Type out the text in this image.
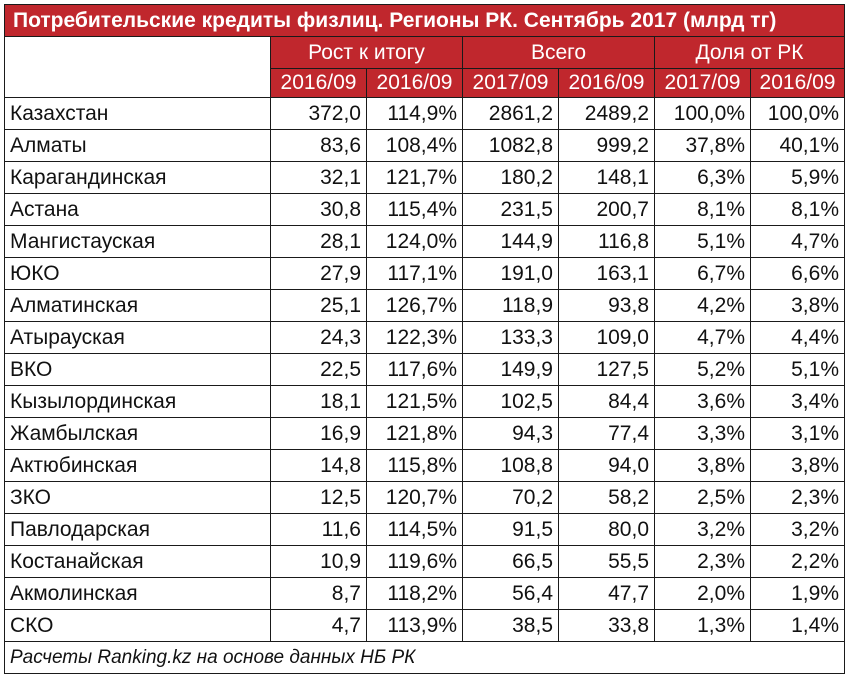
Потребительские кредиты физлиц. Регионы РК. Сентябрь 2017 (млрд тг)						
	Рост к итогу		Всего		Доля от РК	
	2016/09	2016/09	2017/09	2016/09	2017/09	2016/09
Казахстан	372,0	114,9%	2861,2	2489,2	100,0%	100,0%
Алматы	83,6	108,4%	1082,8	999,2	37,8%	40,1%
Карагандинская	32,1	121,7%	180,2	148,1	6,3%	5,9%
Астана	30,8	115,4%	231,5	200,7	8,1%	8,1%
Мангистауская	28,1	124,0%	144,9	116,8	5,1%	4,7%
ЮКО	27,9	117,1%	191,0	163,1	6,7%	6,6%
Алматинская	25,1	126,7%	118,9	93,8	4,2%	3,8%
Атырауская	24,3	122,3%	133,3	109,0	4,7%	4,4%
ВКО	22,5	117,6%	149,9	127,5	5,2%	5,1%
Кызылординская	18,1	121,5%	102,5	84,4	3,6%	3,4%
Жамбылская	16,9	121,8%	94,3	77,4	3,3%	3,1%
Актюбинская	14,8	115,8%	108,8	94,0	3,8%	3,8%
ЗКО	12,5	120,7%	70,2	58,2	2,5%	2,3%
Павлодарская	11,6	114,5%	91,5	80,0	3,2%	3,2%
Костанайская	10,9	119,6%	66,5	55,5	2,3%	2,2%
Акмолинская	8,7	118,2%	56,4	47,7	2,0%	1,9%
СКО	4,7	113,9%	38,5	33,8	1,3%	1,4%
Расчеты Ranking.kz на основе данных НБ РК						
